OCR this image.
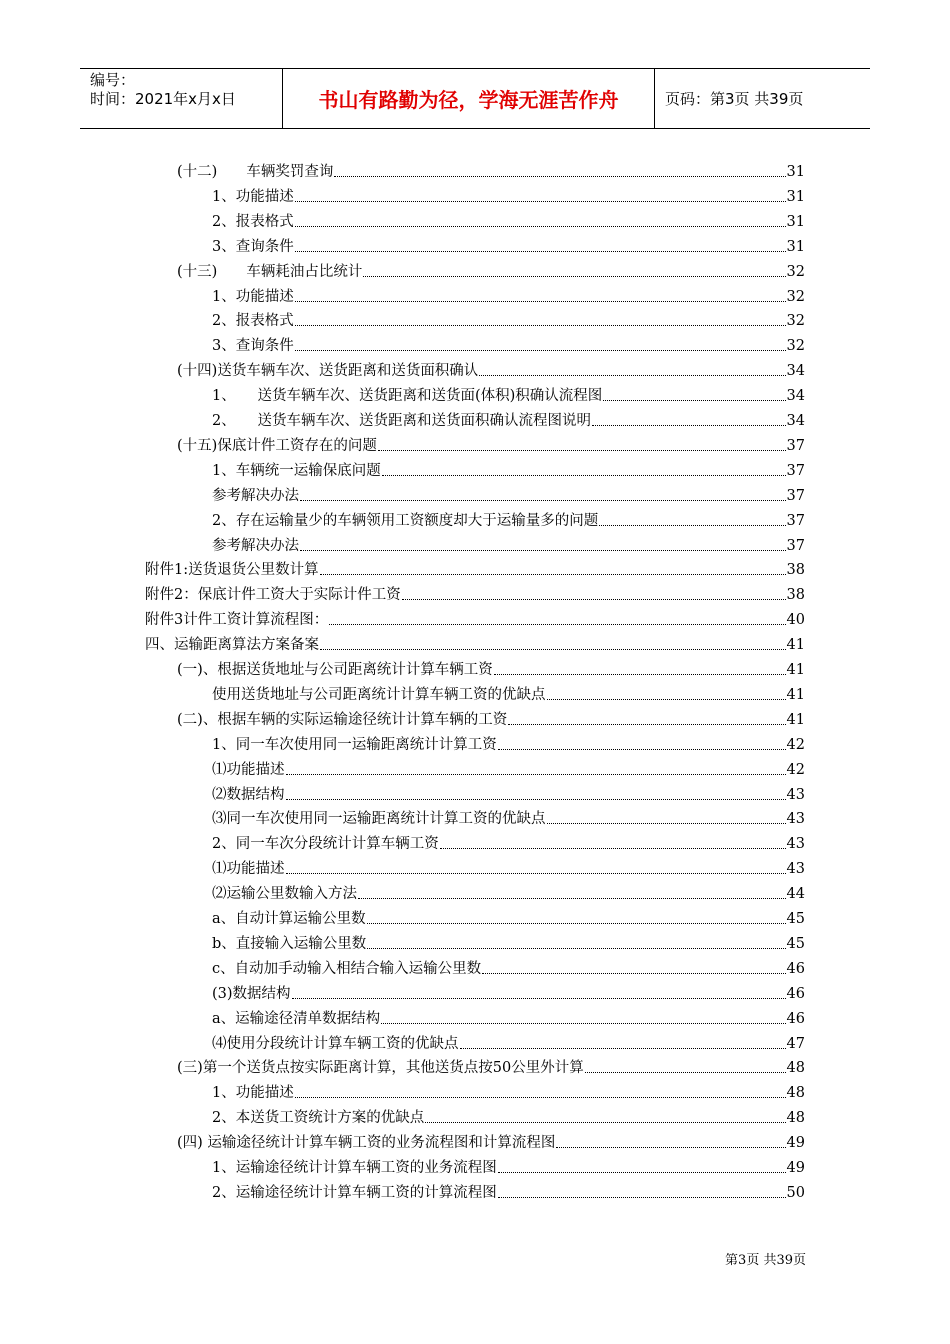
编号：
时间：2021年x月x日	书山有路勤为径，学海无涯苦作舟	页码：第3页 共39页
(十二)　　车辆奖罚查询	31
1、功能描述	31
2、报表格式	31
3、查询条件	31
(十三)　　车辆耗油占比统计	32
1、功能描述	32
2、报表格式	32
3、查询条件	32
(十四)送货车辆车次、送货距离和送货面积确认	34
1、　　送货车辆车次、送货距离和送货面(体积)积确认流程图	34
2、　　送货车辆车次、送货距离和送货面积确认流程图说明	34
(十五)保底计件工资存在的问题	37
1、车辆统一运输保底问题	37
参考解决办法	37
2、存在运输量少的车辆领用工资额度却大于运输量多的问题	37
参考解决办法	37
附件1:送货退货公里数计算	38
附件2：保底计件工资大于实际计件工资	38
附件3计件工资计算流程图：	40
四、运输距离算法方案备案	41
(一)、根据送货地址与公司距离统计计算车辆工资	41
使用送货地址与公司距离统计计算车辆工资的优缺点	41
(二)、根据车辆的实际运输途径统计计算车辆的工资	41
1、同一车次使用同一运输距离统计计算工资	42
⑴功能描述	42
⑵数据结构	43
⑶同一车次使用同一运输距离统计计算工资的优缺点	43
2、同一车次分段统计计算车辆工资	43
⑴功能描述	43
⑵运输公里数输入方法	44
a、自动计算运输公里数	45
b、直接输入运输公里数	45
c、自动加手动输入相结合输入运输公里数	46
(3)数据结构	46
a、运输途径清单数据结构	46
⑷使用分段统计计算车辆工资的优缺点	47
(三)第一个送货点按实际距离计算，其他送货点按50公里外计算	48
1、功能描述	48
2、本送货工资统计方案的优缺点	48
(四) 运输途径统计计算车辆工资的业务流程图和计算流程图	49
1、运输途径统计计算车辆工资的业务流程图	49
2、运输途径统计计算车辆工资的计算流程图	50
第3页 共39页
